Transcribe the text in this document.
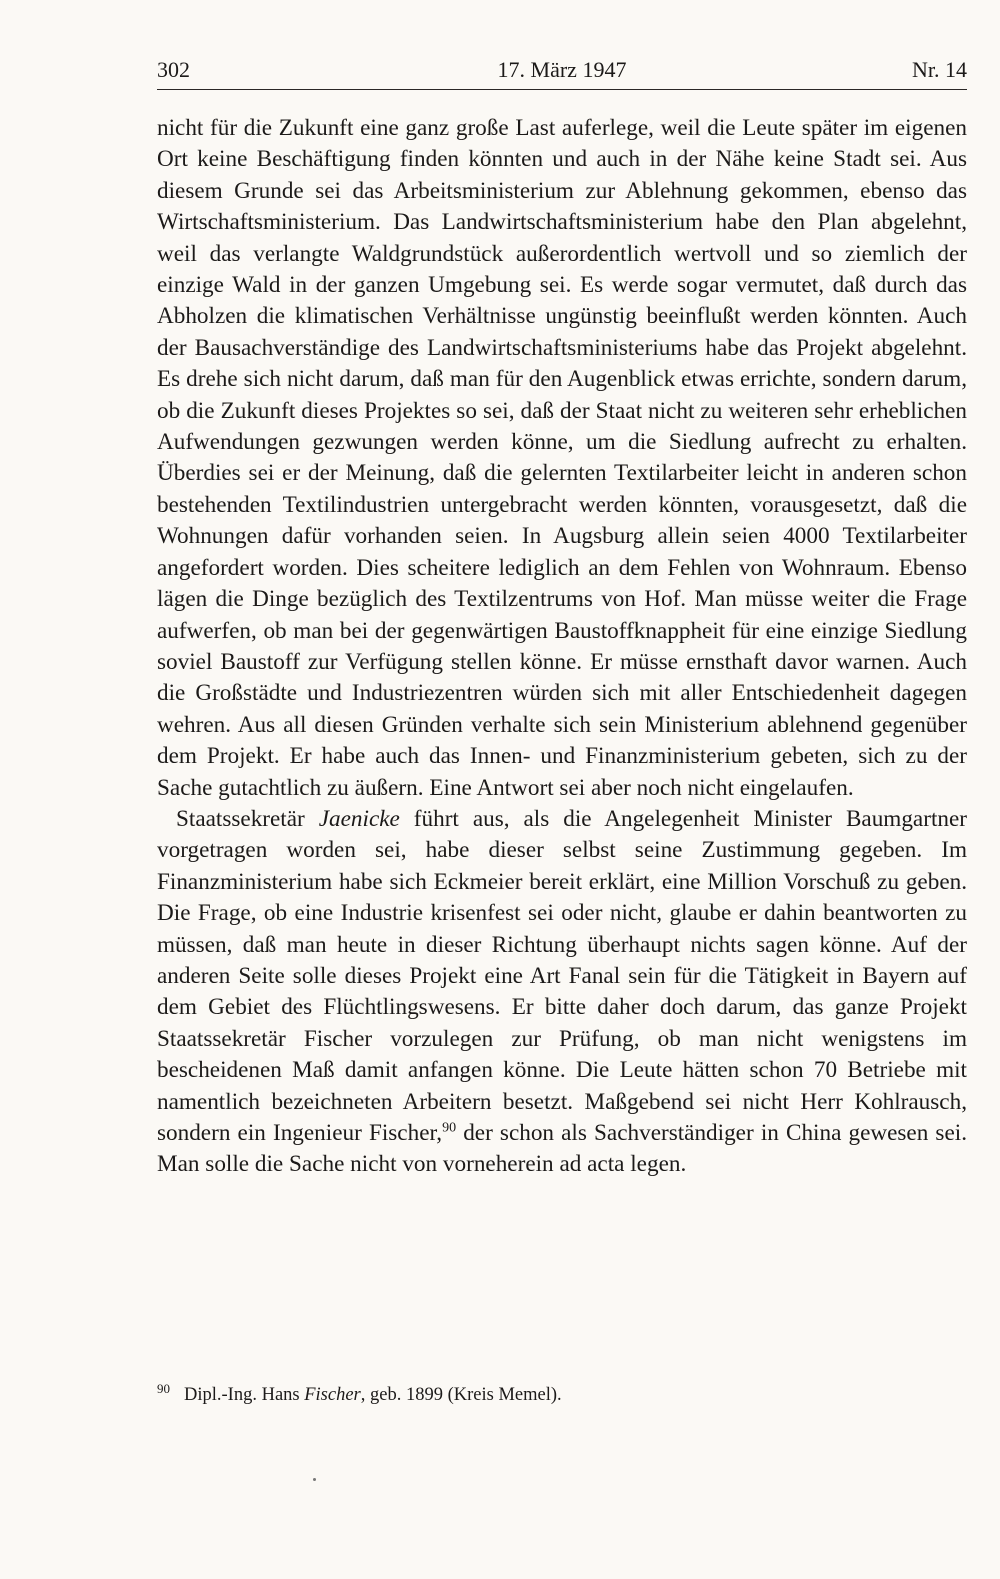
302	17. März 1947	Nr. 14

nicht für die Zukunft eine ganz große Last auferlege, weil die Leute später im eigenen Ort keine Beschäftigung finden könnten und auch in der Nähe keine Stadt sei. Aus diesem Grunde sei das Arbeitsministerium zur Ablehnung gekommen, ebenso das Wirtschaftsministerium. Das Landwirtschaftsministerium habe den Plan abgelehnt, weil das verlangte Waldgrundstück außerordentlich wertvoll und so ziemlich der einzige Wald in der ganzen Umgebung sei. Es werde sogar vermutet, daß durch das Abholzen die klimatischen Verhältnisse ungünstig beeinflußt werden könnten. Auch der Bausachverständige des Landwirtschaftsministeriums habe das Projekt abgelehnt. Es drehe sich nicht darum, daß man für den Augenblick etwas errichte, sondern darum, ob die Zukunft dieses Projektes so sei, daß der Staat nicht zu weiteren sehr erheblichen Aufwendungen gezwungen werden könne, um die Siedlung aufrecht zu erhalten. Überdies sei er der Meinung, daß die gelernten Textilarbeiter leicht in anderen schon bestehenden Textilindustrien untergebracht werden könnten, vorausgesetzt, daß die Wohnungen dafür vorhanden seien. In Augsburg allein seien 4000 Textilarbeiter angefordert worden. Dies scheitere lediglich an dem Fehlen von Wohnraum. Ebenso lägen die Dinge bezüglich des Textilzentrums von Hof. Man müsse weiter die Frage aufwerfen, ob man bei der gegenwärtigen Baustoffknappheit für eine einzige Siedlung soviel Baustoff zur Verfügung stellen könne. Er müsse ernsthaft davor warnen. Auch die Großstädte und Industriezentren würden sich mit aller Entschiedenheit dagegen wehren. Aus all diesen Gründen verhalte sich sein Ministerium ablehnend gegenüber dem Projekt. Er habe auch das Innen- und Finanzministerium gebeten, sich zu der Sache gutachtlich zu äußern. Eine Antwort sei aber noch nicht eingelaufen.

Staatssekretär Jaenicke führt aus, als die Angelegenheit Minister Baumgartner vorgetragen worden sei, habe dieser selbst seine Zustimmung gegeben. Im Finanzministerium habe sich Eckmeier bereit erklärt, eine Million Vorschuß zu geben. Die Frage, ob eine Industrie krisenfest sei oder nicht, glaube er dahin beantworten zu müssen, daß man heute in dieser Richtung überhaupt nichts sagen könne. Auf der anderen Seite solle dieses Projekt eine Art Fanal sein für die Tätigkeit in Bayern auf dem Gebiet des Flüchtlingswesens. Er bitte daher doch darum, das ganze Projekt Staatssekretär Fischer vorzulegen zur Prüfung, ob man nicht wenigstens im bescheidenen Maß damit anfangen könne. Die Leute hätten schon 70 Betriebe mit namentlich bezeichneten Arbeitern besetzt. Maßgebend sei nicht Herr Kohlrausch, sondern ein Ingenieur Fischer,$^{90}$ der schon als Sachverständiger in China gewesen sei. Man solle die Sache nicht von vorneherein ad acta legen.

90 Dipl.-Ing. Hans Fischer, geb. 1899 (Kreis Memel).
